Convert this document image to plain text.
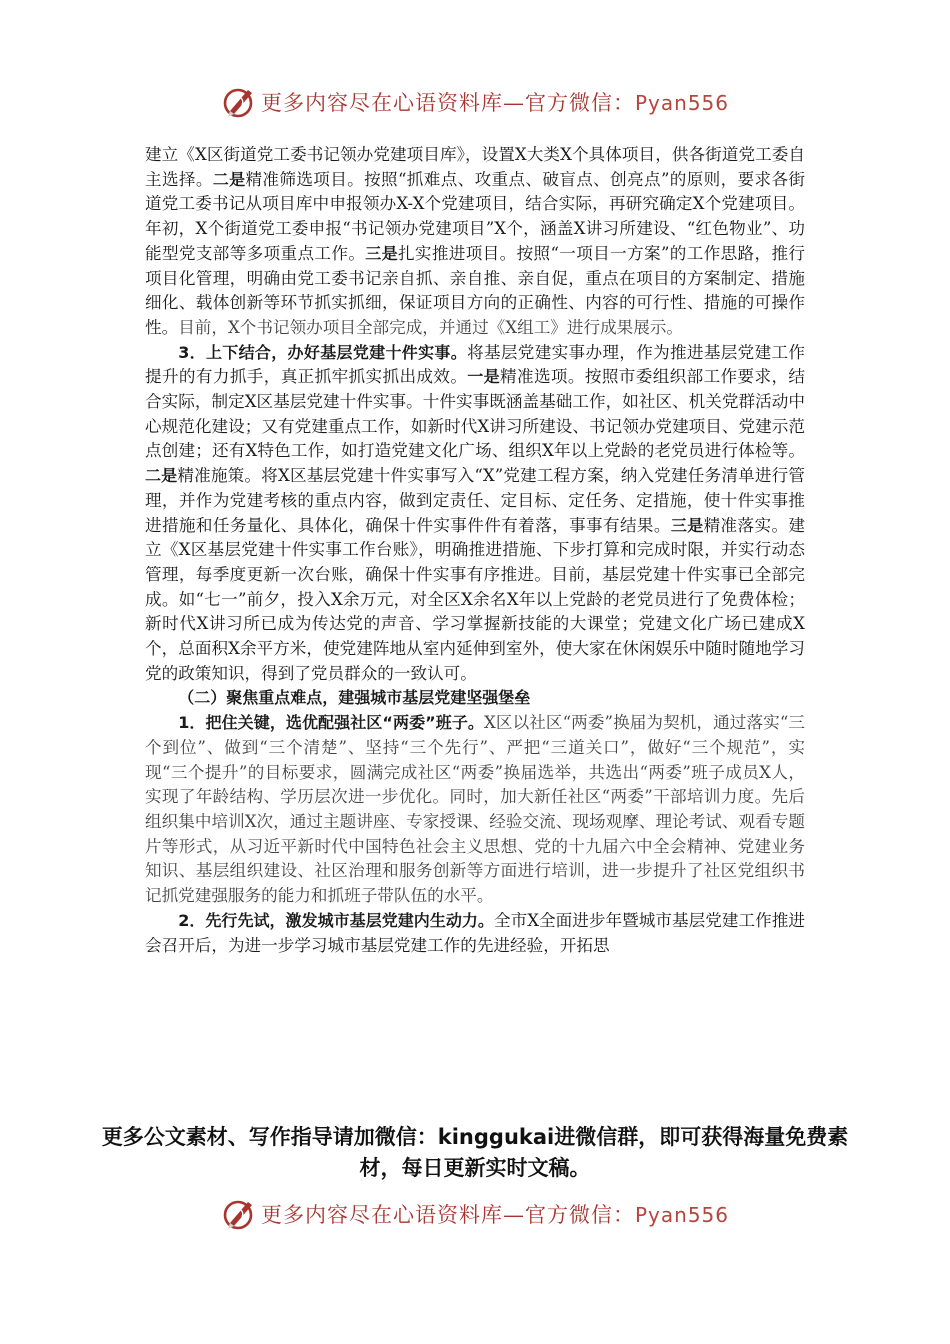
更多内容尽在心语资料库—官方微信：Pyan556

建立《X区街道党工委书记领办党建项目库》，设置X大类X个具体项目，供各街道党工委自主选择。二是精准筛选项目。按照“抓难点、攻重点、破盲点、创亮点”的原则，要求各街道党工委书记从项目库中申报领办X-X个党建项目，结合实际，再研究确定X个党建项目。年初，X个街道党工委申报“书记领办党建项目”X个，涵盖X讲习所建设、“红色物业”、功能型党支部等多项重点工作。三是扎实推进项目。按照“一项目一方案”的工作思路，推行项目化管理，明确由党工委书记亲自抓、亲自推、亲自促，重点在项目的方案制定、措施细化、载体创新等环节抓实抓细，保证项目方向的正确性、内容的可行性、措施的可操作性。目前，X个书记领办项目全部完成，并通过《X组工》进行成果展示。

3．上下结合，办好基层党建十件实事。将基层党建实事办理，作为推进基层党建工作提升的有力抓手，真正抓牢抓实抓出成效。一是精准选项。按照市委组织部工作要求，结合实际，制定X区基层党建十件实事。十件实事既涵盖基础工作，如社区、机关党群活动中心规范化建设；又有党建重点工作，如新时代X讲习所建设、书记领办党建项目、党建示范点创建；还有X特色工作，如打造党建文化广场、组织X年以上党龄的老党员进行体检等。二是精准施策。将X区基层党建十件实事写入“X”党建工程方案，纳入党建任务清单进行管理，并作为党建考核的重点内容，做到定责任、定目标、定任务、定措施，使十件实事推进措施和任务量化、具体化，确保十件实事件件有着落，事事有结果。三是精准落实。建立《X区基层党建十件实事工作台账》，明确推进措施、下步打算和完成时限，并实行动态管理，每季度更新一次台账，确保十件实事有序推进。目前，基层党建十件实事已全部完成。如“七一”前夕，投入X余万元，对全区X余名X年以上党龄的老党员进行了免费体检；新时代X讲习所已成为传达党的声音、学习掌握新技能的大课堂；党建文化广场已建成X个，总面积X余平方米，使党建阵地从室内延伸到室外，使大家在休闲娱乐中随时随地学习党的政策知识，得到了党员群众的一致认可。

（二）聚焦重点难点，建强城市基层党建坚强堡垒

1．把住关键，选优配强社区“两委”班子。X区以社区“两委”换届为契机，通过落实“三个到位”、做到“三个清楚”、坚持“三个先行”、严把“三道关口”，做好“三个规范”，实现“三个提升”的目标要求，圆满完成社区“两委”换届选举，共选出“两委”班子成员X人，实现了年龄结构、学历层次进一步优化。同时，加大新任社区“两委”干部培训力度。先后组织集中培训X次，通过主题讲座、专家授课、经验交流、现场观摩、理论考试、观看专题片等形式，从习近平新时代中国特色社会主义思想、党的十九届六中全会精神、党建业务知识、基层组织建设、社区治理和服务创新等方面进行培训，进一步提升了社区党组织书记抓党建强服务的能力和抓班子带队伍的水平。

2．先行先试，激发城市基层党建内生动力。全市X全面进步年暨城市基层党建工作推进会召开后，为进一步学习城市基层党建工作的先进经验，开拓思

更多公文素材、写作指导请加微信：kinggukai进微信群，即可获得海量免费素材，每日更新实时文稿。
更多内容尽在心语资料库—官方微信：Pyan556
